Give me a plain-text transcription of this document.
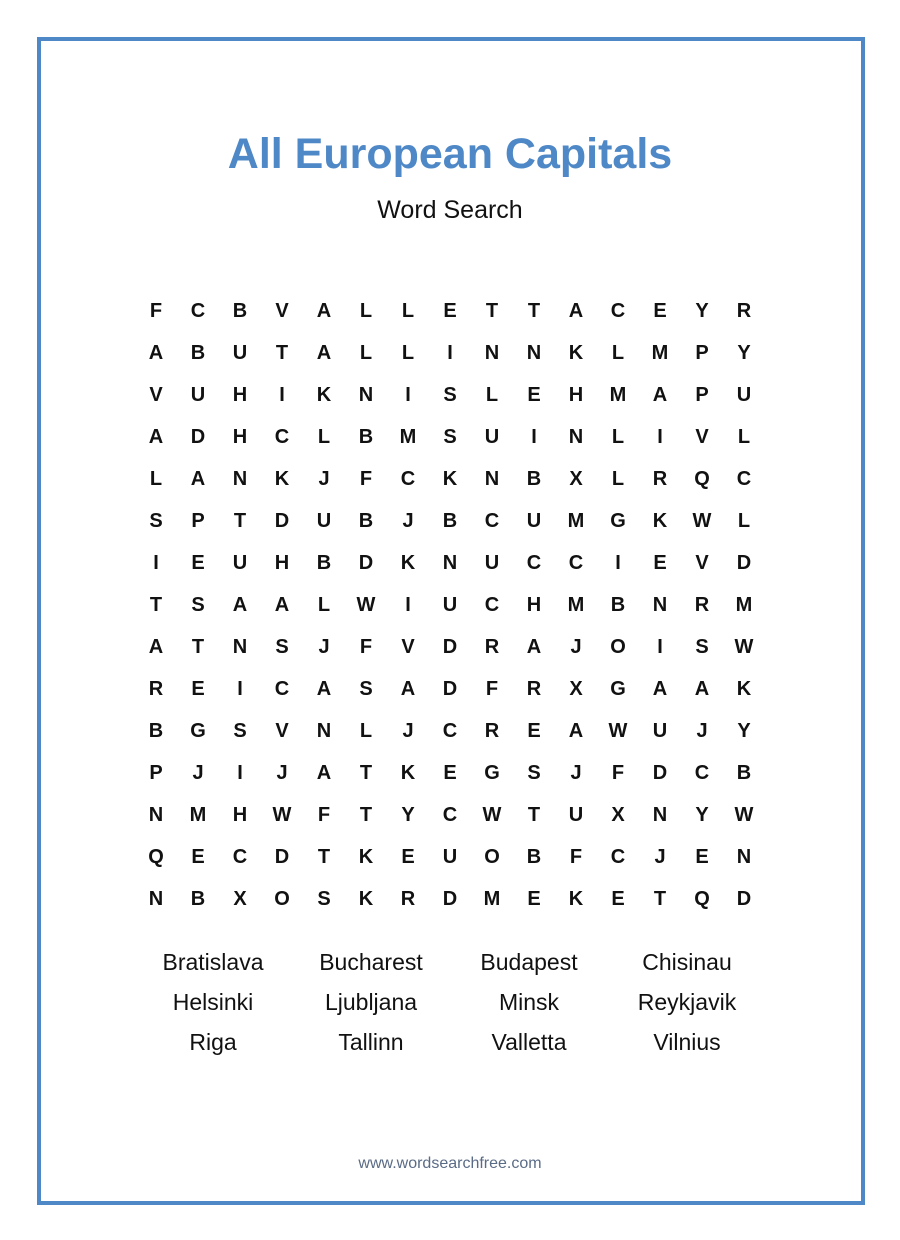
All European Capitals
Word Search
F	C	B	V	A	L	L	E	T	T	A	C	E	Y	R
A	B	U	T	A	L	L	I	N	N	K	L	M	P	Y
V	U	H	I	K	N	I	S	L	E	H	M	A	P	U
A	D	H	C	L	B	M	S	U	I	N	L	I	V	L
L	A	N	K	J	F	C	K	N	B	X	L	R	Q	C
S	P	T	D	U	B	J	B	C	U	M	G	K	W	L
I	E	U	H	B	D	K	N	U	C	C	I	E	V	D
T	S	A	A	L	W	I	U	C	H	M	B	N	R	M
A	T	N	S	J	F	V	D	R	A	J	O	I	S	W
R	E	I	C	A	S	A	D	F	R	X	G	A	A	K
B	G	S	V	N	L	J	C	R	E	A	W	U	J	Y
P	J	I	J	A	T	K	E	G	S	J	F	D	C	B
N	M	H	W	F	T	Y	C	W	T	U	X	N	Y	W
Q	E	C	D	T	K	E	U	O	B	F	C	J	E	N
N	B	X	O	S	K	R	D	M	E	K	E	T	Q	D
Bratislava	Bucharest	Budapest	Chisinau
Helsinki	Ljubljana	Minsk	Reykjavik
Riga	Tallinn	Valletta	Vilnius
www.wordsearchfree.com
